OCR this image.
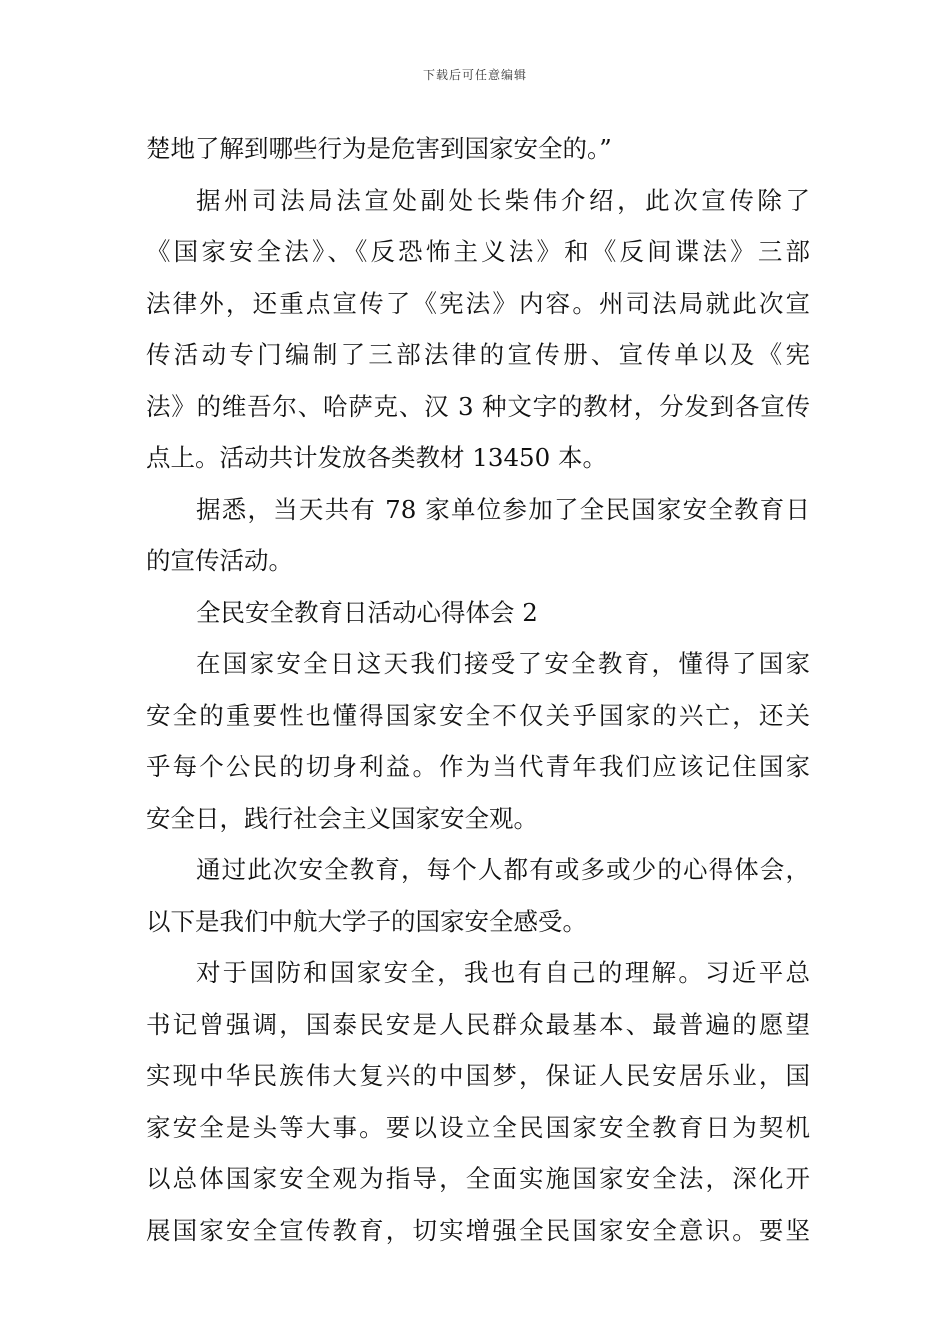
下载后可任意编辑
楚地了解到哪些行为是危害到国家安全的。”
据州司法局法宣处副处长柴伟介绍，此次宣传除了
《国家安全法》、《反恐怖主义法》和《反间谍法》三部
法律外，还重点宣传了《宪法》内容。州司法局就此次宣
传活动专门编制了三部法律的宣传册、宣传单以及《宪
法》的维吾尔、哈萨克、汉 3 种文字的教材，分发到各宣传
点上。活动共计发放各类教材 13450 本。
据悉，当天共有 78 家单位参加了全民国家安全教育日
的宣传活动。
全民安全教育日活动心得体会 2
在国家安全日这天我们接受了安全教育，懂得了国家
安全的重要性也懂得国家安全不仅关乎国家的兴亡，还关
乎每个公民的切身利益。作为当代青年我们应该记住国家
安全日，践行社会主义国家安全观。
通过此次安全教育，每个人都有或多或少的心得体会，
以下是我们中航大学子的国家安全感受。
对于国防和国家安全，我也有自己的理解。习近平总
书记曾强调，国泰民安是人民群众最基本、最普遍的愿望
实现中华民族伟大复兴的中国梦，保证人民安居乐业，国
家安全是头等大事。要以设立全民国家安全教育日为契机
以总体国家安全观为指导，全面实施国家安全法，深化开
展国家安全宣传教育，切实增强全民国家安全意识。要坚
